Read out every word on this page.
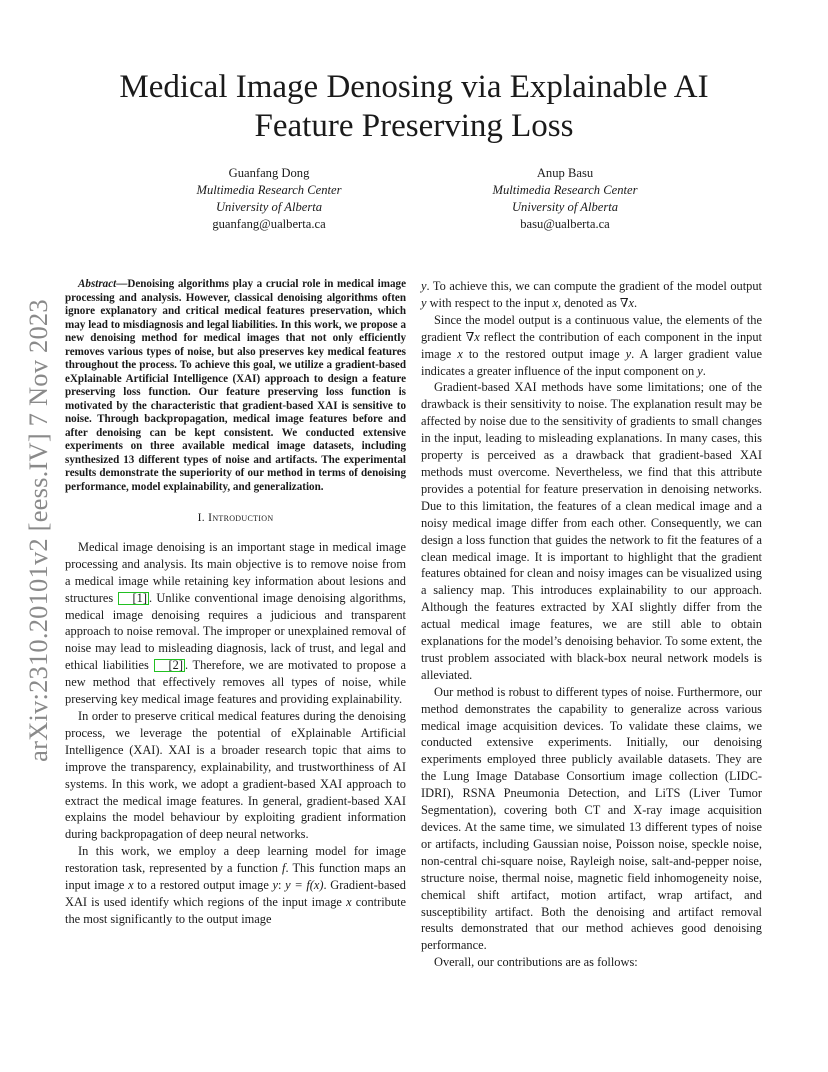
arXiv:2310.20101v2 [eess.IV] 7 Nov 2023
Medical Image Denosing via Explainable AI
Feature Preserving Loss
Guanfang Dong
Multimedia Research Center
University of Alberta
guanfang@ualberta.ca
Anup Basu
Multimedia Research Center
University of Alberta
basu@ualberta.ca

Abstract—Denoising algorithms play a crucial role in medical image processing and analysis. However, classical denoising algorithms often ignore explanatory and critical medical features preservation, which may lead to misdiagnosis and legal liabilities. In this work, we propose a new denoising method for medical images that not only efficiently removes various types of noise, but also preserves key medical features throughout the process. To achieve this goal, we utilize a gradient-based eXplainable Artificial Intelligence (XAI) approach to design a feature preserving loss function. Our feature preserving loss function is motivated by the characteristic that gradient-based XAI is sensitive to noise. Through backpropagation, medical image features before and after denoising can be kept consistent. We conducted extensive experiments on three available medical image datasets, including synthesized 13 different types of noise and artifacts. The experimental results demonstrate the superiority of our method in terms of denoising performance, model explainability, and generalization.

I. Introduction

Medical image denoising is an important stage in medical image processing and analysis. Its main objective is to remove noise from a medical image while retaining key information about lesions and structures [1] . Unlike conventional image denoising algorithms, medical image denoising requires a judicious and transparent approach to noise removal. The improper or unexplained removal of noise may lead to misleading diagnosis, lack of trust, and legal and ethical liabilities [2] . Therefore, we are motivated to propose a new method that effectively removes all types of noise, while preserving key medical image features and providing explainability.

In order to preserve critical medical features during the denoising process, we leverage the potential of eXplainable Artificial Intelligence (XAI). XAI is a broader research topic that aims to improve the transparency, explainability, and trustworthiness of AI systems. In this work, we adopt a gradient-based XAI approach to extract the medical image features. In general, gradient-based XAI explains the model behaviour by exploiting gradient information during backpropagation of deep neural networks.

In this work, we employ a deep learning model for image restoration task, represented by a function f. This function maps an input image x to a restored output image y: y = f(x). Gradient-based XAI is used identify which regions of the input image x contribute the most significantly to the output image

y. To achieve this, we can compute the gradient of the model output y with respect to the input x, denoted as ∇x.

Since the model output is a continuous value, the elements of the gradient ∇x reflect the contribution of each component in the input image x to the restored output image y. A larger gradient value indicates a greater influence of the input component on y.

Gradient-based XAI methods have some limitations; one of the drawback is their sensitivity to noise. The explanation result may be affected by noise due to the sensitivity of gradients to small changes in the input, leading to misleading explanations. In many cases, this property is perceived as a drawback that gradient-based XAI methods must overcome. Nevertheless, we find that this attribute provides a potential for feature preservation in denoising networks. Due to this limitation, the features of a clean medical image and a noisy medical image differ from each other. Consequently, we can design a loss function that guides the network to fit the features of a clean medical image. It is important to highlight that the gradient features obtained for clean and noisy images can be visualized using a saliency map. This introduces explainability to our approach. Although the features extracted by XAI slightly differ from the actual medical image features, we are still able to obtain explanations for the model’s denoising behavior. To some extent, the trust problem associated with black-box neural network models is alleviated.

Our method is robust to different types of noise. Furthermore, our method demonstrates the capability to generalize across various medical image acquisition devices. To validate these claims, we conducted extensive experiments. Initially, our denoising experiments employed three publicly available datasets. They are the Lung Image Database Consortium image collection (LIDC-IDRI), RSNA Pneumonia Detection, and LiTS (Liver Tumor Segmentation), covering both CT and X-ray image acquisition devices. At the same time, we simulated 13 different types of noise or artifacts, including Gaussian noise, Poisson noise, speckle noise, non-central chi-square noise, Rayleigh noise, salt-and-pepper noise, structure noise, thermal noise, magnetic field inhomogeneity noise, chemical shift artifact, motion artifact, wrap artifact, and susceptibility artifact. Both the denoising and artifact removal results demonstrated that our method achieves good denoising performance.

Overall, our contributions are as follows:
